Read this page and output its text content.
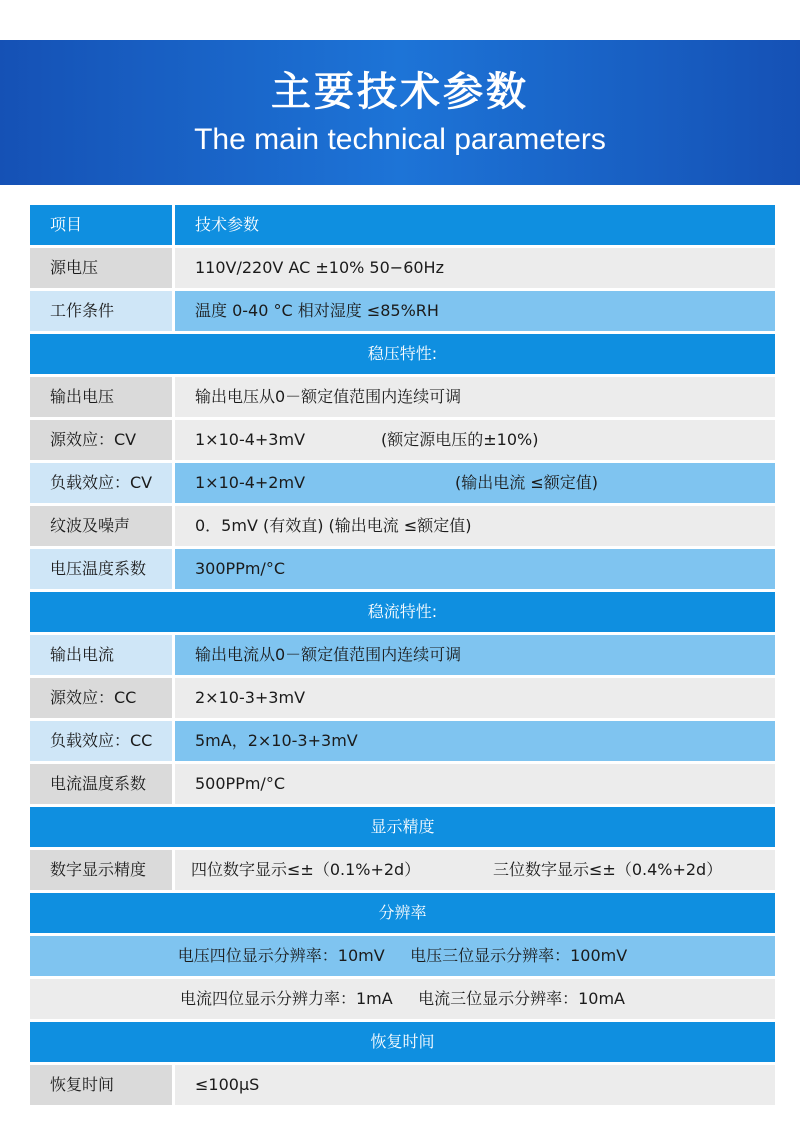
主要技术参数
The main technical parameters
项目	技术参数
源电压	110V/220V AC ±10% 50−60Hz
工作条件	温度 0-40 °C 相对湿度 ≤85%RH
稳压特性:
输出电压	输出电压从0－额定值范围内连续可调
源效应：CV	1×10-4+3mV	(额定源电压的±10%)
负载效应：CV	1×10-4+2mV	(输出电流 ≤额定值)
纹波及噪声	0．5mV (有效直) (输出电流 ≤额定值)
电压温度系数	300PPm/°C
稳流特性:
输出电流	输出电流从0－额定值范围内连续可调
源效应：CC	2×10-3+3mV
负载效应：CC	5mA，2×10-3+3mV
电流温度系数	500PPm/°C
显示精度
数字显示精度	四位数字显示≤±（0.1%+2d）	三位数字显示≤±（0.4%+2d）
分辨率
电压四位显示分辨率：10mV     电压三位显示分辨率：100mV
电流四位显示分辨力率：1mA     电流三位显示分辨率：10mA
恢复时间
恢复时间	≤100μS
